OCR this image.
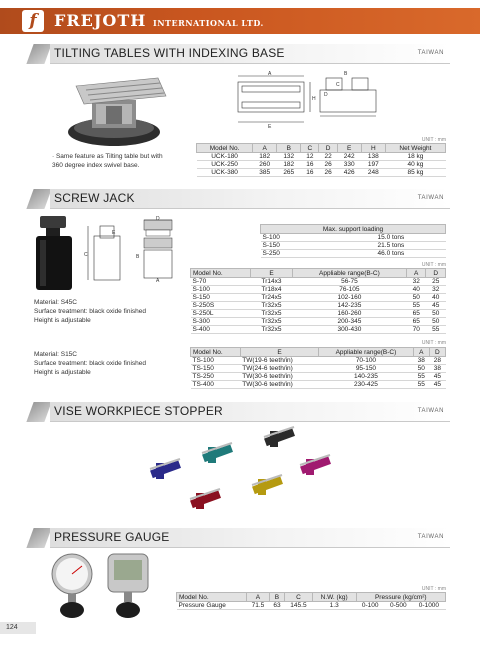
f	FREJOTH INTERNATIONAL LTD.
TILTING TABLES WITH INDEXING BASE	TAIWAN
A	B
C
D
E
H
· Same feature as Tilting table but with
360 degree index swivel base.
UNIT : mm
Model No.	A	B	C	D	E	H	Net Weight
UCK-180	182	132	12	22	242	138	18 kg
UCK-250	260	182	16	26	330	197	40 kg
UCK-380	385	265	16	26	426	248	85 kg
SCREW JACK	TAIWAN
D
E
C	B
A
Max. support loading	
S-100	15.0 tons
S-150	21.5 tons
S-250	46.0 tons
UNIT : mm
Model No.	E	Appliable range(B-C)	A	D
S-70	Tr14x3	56-75	32	25
S-100	Tr18x4	76-105	40	32
S-150	Tr24x5	102-160	50	40
S-250S	Tr32x5	142-235	55	45
S-250L	Tr32x5	160-260	65	50
S-300	Tr32x5	200-345	65	50
S-400	Tr32x5	300-430	70	55
Material: S45C
Surface treatment: black oxide finished
Height is adjustable
UNIT : mm
Model No.	E	Appliable range(B-C)	A	D
TS-100	TW(19-6 teeth/in)	70-100	38	28
TS-150	TW(24-6 teeth/in)	95-150	50	38
TS-250	TW(30-6 teeth/in)	140-235	55	45
TS-400	TW(30-6 teeth/in)	230-425	55	45
Material: S15C
Surface treatment: black oxide finished
Height is adjustable
VISE WORKPIECE STOPPER	TAIWAN
PRESSURE GAUGE	TAIWAN
UNIT : mm
Model No.	A	B	C	N.W. (kg)	Pressure (kg/cm²)		
Pressure Gauge	71.5	63	145.5	1.3	0-100	0-500	0-1000
124
